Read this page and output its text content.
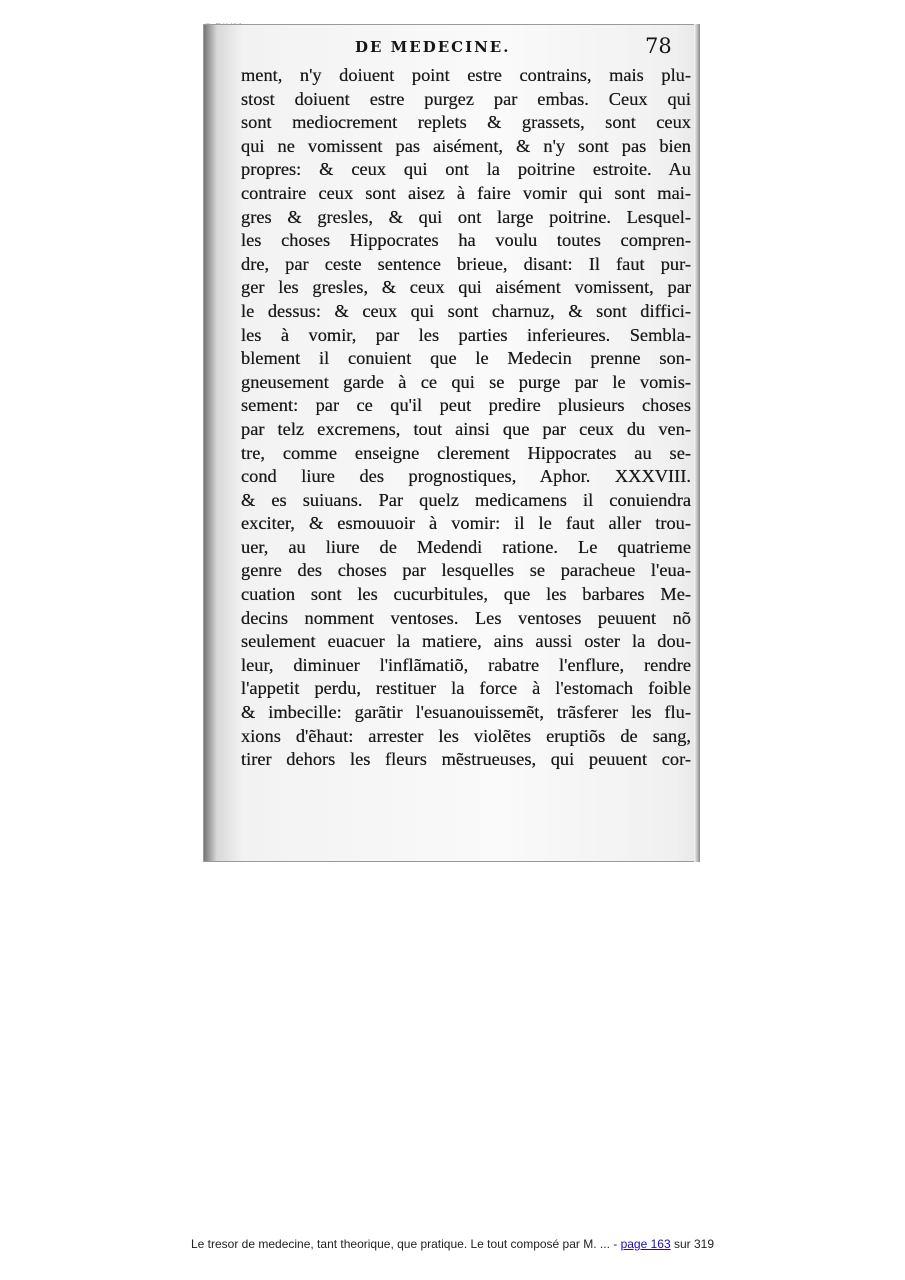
DE MEDECINE.	78
ment, n'y doiuent point estre contrains, mais plu-
stost doiuent estre purgez par embas. Ceux qui
sont mediocrement replets & grassets, sont ceux
qui ne vomissent pas aisément, & n'y sont pas bien
propres: & ceux qui ont la poitrine estroite. Au
contraire ceux sont aisez à faire vomir qui sont mai-
gres & gresles, & qui ont large poitrine. Lesquel-
les choses Hippocrates ha voulu toutes compren-
dre, par ceste sentence brieue, disant: Il faut pur-
ger les gresles, & ceux qui aisément vomissent, par
le dessus: & ceux qui sont charnuz, & sont diffici-
les à vomir, par les parties inferieures. Sembla-
blement il conuient que le Medecin prenne son-
gneusement garde à ce qui se purge par le vomis-
sement: par ce qu'il peut predire plusieurs choses
par telz excremens, tout ainsi que par ceux du ven-
tre, comme enseigne clerement Hippocrates au se-
cond liure des prognostiques, Aphor. XXXVIII.
& es suiuans. Par quelz medicamens il conuiendra
exciter, & esmouuoir à vomir: il le faut aller trou-
uer, au liure de Medendi ratione. Le quatrieme
genre des choses par lesquelles se paracheue l'eua-
cuation sont les cucurbitules, que les barbares Me-
decins nomment ventoses. Les ventoses peuuent nõ
seulement euacuer la matiere, ains aussi oster la dou-
leur, diminuer l'inflãmatiõ, rabatre l'enflure, rendre
l'appetit perdu, restituer la force à l'estomach foible
& imbecille: garãtir l'esuanouissemẽt, trãsferer les flu-
xions d'ẽhaut: arrester les violẽtes eruptiõs de sang,
tirer dehors les fleurs mẽstrueuses, qui peuuent cor-
Le tresor de medecine, tant theorique, que pratique. Le tout composé par M. ... - page 163 sur 319
